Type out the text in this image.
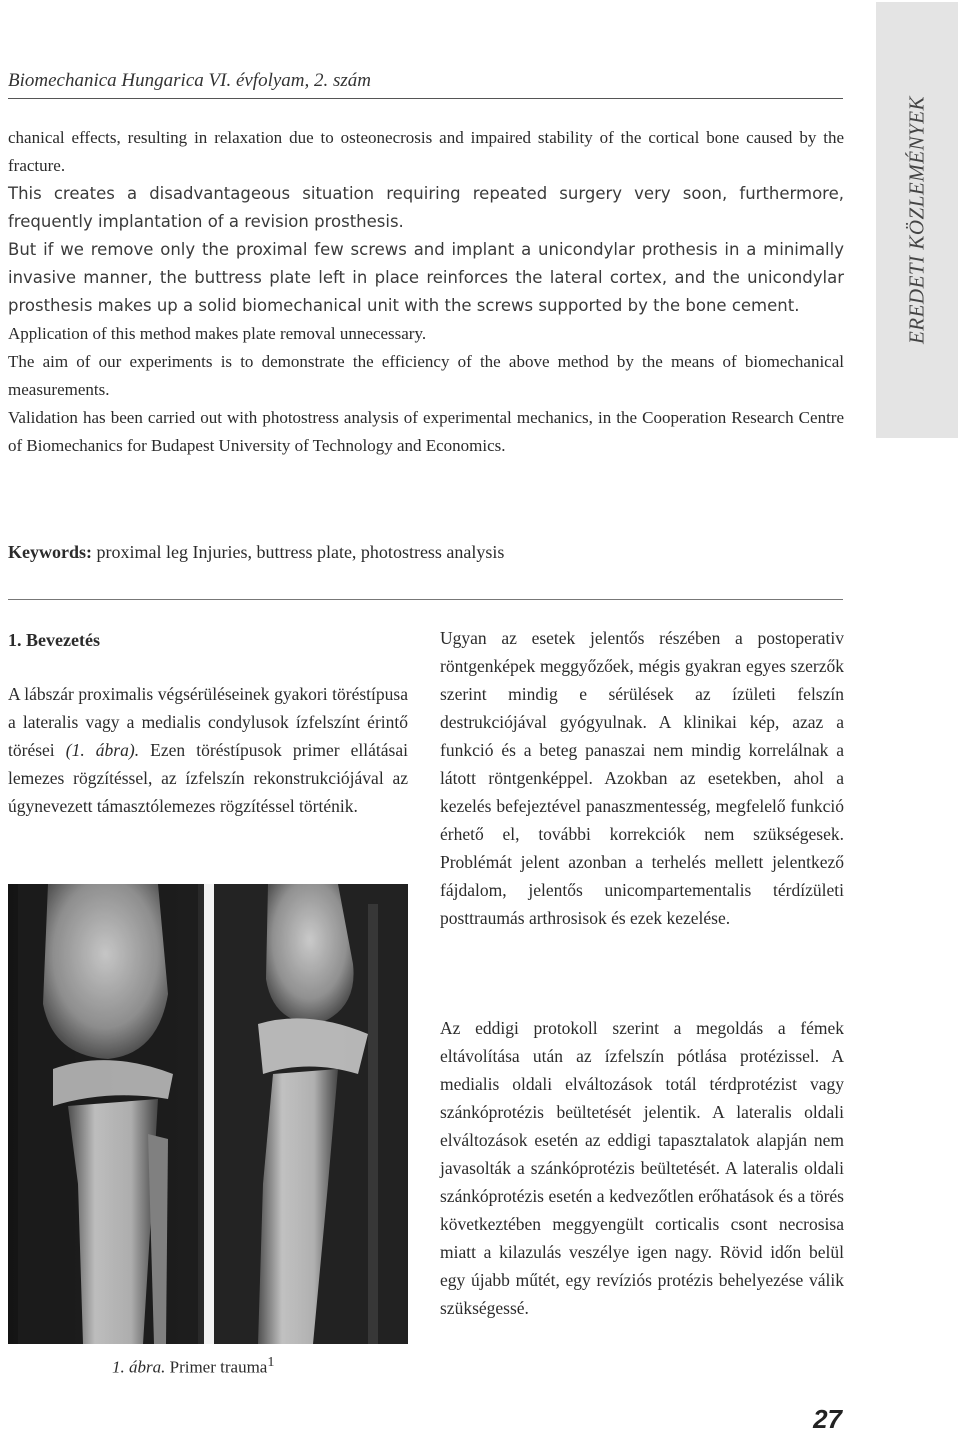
Biomechanica Hungarica VI. évfolyam, 2. szám
EREDETI KÖZLEMÉNYEK

chanical effects, resulting in relaxation due to osteonecrosis and impaired stability of the cortical bone caused by the fracture.

This creates a disadvantageous situation requiring repeated surgery very soon, furthermore, frequently implantation of a revision prosthesis.

But if we remove only the proximal few screws and implant a unicondylar prothesis in a minimally invasive manner, the buttress plate left in place reinforces the lateral cortex, and the unicondylar prosthesis makes up a solid biomechanical unit with the screws supported by the bone cement.

Application of this method makes plate removal unnecessary.

The aim of our experiments is to demonstrate the efficiency of the above method by the means of biomechanical measurements.

Validation has been carried out with photostress analysis of experimental mechanics, in the Cooperation Research Centre of Biomechanics for Budapest University of Technology and Economics.

Keywords: proximal leg Injuries, buttress plate, photostress analysis
1. Bevezetés

A lábszár proximalis végsérüléseinek gyakori töréstípusa a lateralis vagy a medialis condylusok ízfelszínt érintő törései (1. ábra). Ezen töréstípusok primer ellátásai lemezes rögzítéssel, az ízfelszín rekonstrukciójával az úgynevezett támasztólemezes rögzítéssel történik.

1. ábra. Primer trauma$^1$

Ugyan az esetek jelentős részében a postoperativ röntgenképek meggyőzőek, mégis gyakran egyes szerzők szerint mindig e sérülések az ízületi felszín destrukciójával gyógyulnak. A klinikai kép, azaz a funkció és a beteg panaszai nem mindig korrelálnak a látott röntgenképpel. Azokban az esetekben, ahol a kezelés befejeztével panaszmentesség, megfelelő funkció érhető el, további korrekciók nem szükségesek. Problémát jelent azonban a terhelés mellett jelentkező fájdalom, jelentős unicompartementalis térdízületi posttraumás arthrosisok és ezek kezelése.

Az eddigi protokoll szerint a megoldás a fémek eltávolítása után az ízfelszín pótlása protézissel. A medialis oldali elváltozások totál térdprotézist vagy szánkóprotézis beültetését jelentik. A lateralis oldali elváltozások esetén az eddigi tapasztalatok alapján nem javasolták a szánkóprotézis beültetését. A lateralis oldali szánkóprotézis esetén a kedvezőtlen erőhatások és a törés következtében meggyengült corticalis csont necrosisa miatt a kilazulás veszélye igen nagy. Rövid időn belül egy újabb műtét, egy revíziós protézis behelyezése válik szükségessé.

27
